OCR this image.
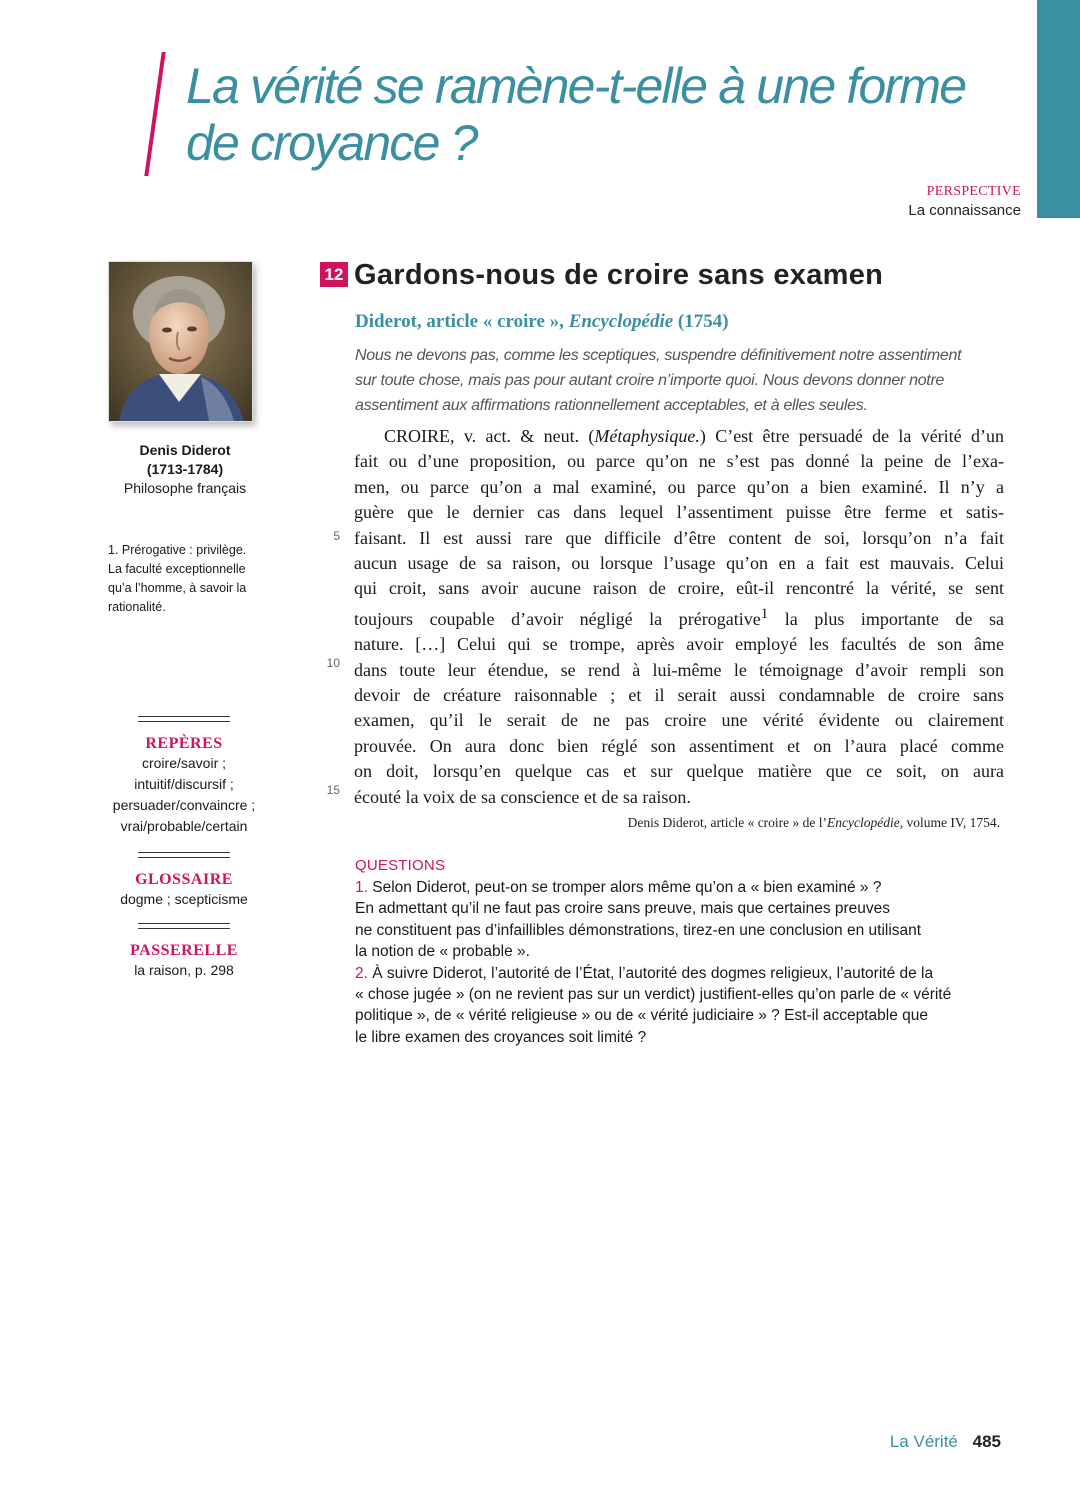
La vérité se ramène-t-elle à une forme
de croyance ?
PERSPECTIVE
La connaissance
Denis Diderot
(1713-1784)
Philosophe français
1. Prérogative : privilège.
La faculté exceptionnelle
qu’a l’homme, à savoir la
rationalité.
REPÈRES
croire/savoir ;
intuitif/discursif ;
persuader/convaincre ;
vrai/probable/certain
GLOSSAIRE
dogme ; scepticisme
PASSERELLE
la raison, p. 298
12 Gardons-nous de croire sans examen
Diderot, article « croire », Encyclopédie (1754)
Nous ne devons pas, comme les sceptiques, suspendre définitivement notre assentiment
sur toute chose, mais pas pour autant croire n’importe quoi. Nous devons donner notre
assentiment aux affirmations rationnellement acceptables, et à elles seules.
CROIRE, v. act. & neut. (Métaphysique.) C’est être persuadé de la vérité d’un
fait ou d’une proposition, ou parce qu’on ne s’est pas donné la peine de l’exa-
men, ou parce qu’on a mal examiné, ou parce qu’on a bien examiné. Il n’y a
guère que le dernier cas dans lequel l’assentiment puisse être ferme et satis-
faisant. Il est aussi rare que difficile d’être content de soi, lorsqu’on n’a fait
aucun usage de sa raison, ou lorsque l’usage qu’on en a fait est mauvais. Celui
qui croit, sans avoir aucune raison de croire, eût-il rencontré la vérité, se sent
toujours coupable d’avoir négligé la prérogative$^1$ la plus importante de sa
nature. […] Celui qui se trompe, après avoir employé les facultés de son âme
dans toute leur étendue, se rend à lui-même le témoignage d’avoir rempli son
devoir de créature raisonnable ; et il serait aussi condamnable de croire sans
examen, qu’il le serait de ne pas croire une vérité évidente ou clairement
prouvée. On aura donc bien réglé son assentiment et on l’aura placé comme
on doit, lorsqu’en quelque cas et sur quelque matière que ce soit, on aura
écouté la voix de sa conscience et de sa raison.
5
10
15
Denis Diderot, article « croire » de l’Encyclopédie, volume IV, 1754.
QUESTIONS
1. Selon Diderot, peut-on se tromper alors même qu’on a « bien examiné » ?
En admettant qu’il ne faut pas croire sans preuve, mais que certaines preuves
ne constituent pas d’infaillibles démonstrations, tirez-en une conclusion en utilisant
la notion de « probable ».
2. À suivre Diderot, l’autorité de l’État, l’autorité des dogmes religieux, l’autorité de la
« chose jugée » (on ne revient pas sur un verdict) justifient-elles qu’on parle de « vérité
politique », de « vérité religieuse » ou de « vérité judiciaire » ? Est-il acceptable que
le libre examen des croyances soit limité ?
La Vérité 485
